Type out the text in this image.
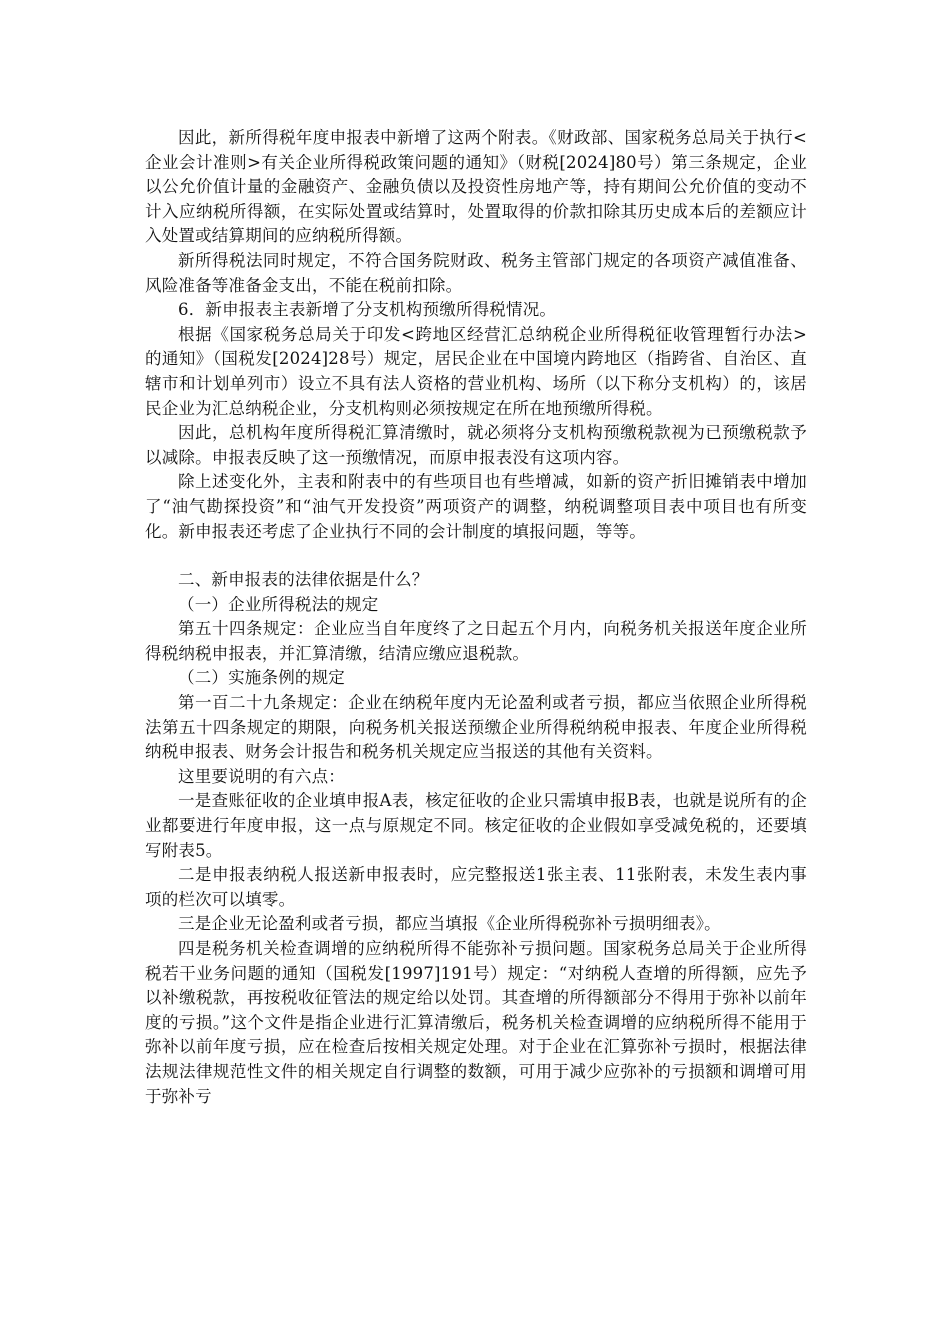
因此，新所得税年度申报表中新增了这两个附表。《财政部、国家税务总局关于执行<企业会计准则>有关企业所得税政策问题的通知》（财税[2024]80号）第三条规定，企业以公允价值计量的金融资产、金融负债以及投资性房地产等，持有期间公允价值的变动不计入应纳税所得额，在实际处置或结算时，处置取得的价款扣除其历史成本后的差额应计入处置或结算期间的应纳税所得额。

新所得税法同时规定，不符合国务院财政、税务主管部门规定的各项资产减值准备、风险准备等准备金支出，不能在税前扣除。

6．新申报表主表新增了分支机构预缴所得税情况。

根据《国家税务总局关于印发<跨地区经营汇总纳税企业所得税征收管理暂行办法>的通知》（国税发[2024]28号）规定，居民企业在中国境内跨地区（指跨省、自治区、直辖市和计划单列市）设立不具有法人资格的营业机构、场所（以下称分支机构）的，该居民企业为汇总纳税企业，分支机构则必须按规定在所在地预缴所得税。

因此，总机构年度所得税汇算清缴时，就必须将分支机构预缴税款视为已预缴税款予以减除。申报表反映了这一预缴情况，而原申报表没有这项内容。

除上述变化外，主表和附表中的有些项目也有些增减，如新的资产折旧摊销表中增加了“油气勘探投资”和“油气开发投资”两项资产的调整，纳税调整项目表中项目也有所变化。新申报表还考虑了企业执行不同的会计制度的填报问题，等等。

二、新申报表的法律依据是什么？

（一）企业所得税法的规定

第五十四条规定：企业应当自年度终了之日起五个月内，向税务机关报送年度企业所得税纳税申报表，并汇算清缴，结清应缴应退税款。

（二）实施条例的规定

第一百二十九条规定：企业在纳税年度内无论盈利或者亏损，都应当依照企业所得税法第五十四条规定的期限，向税务机关报送预缴企业所得税纳税申报表、年度企业所得税纳税申报表、财务会计报告和税务机关规定应当报送的其他有关资料。

这里要说明的有六点：

一是查账征收的企业填申报A表，核定征收的企业只需填申报B表，也就是说所有的企业都要进行年度申报，这一点与原规定不同。核定征收的企业假如享受减免税的，还要填写附表5。

二是申报表纳税人报送新申报表时，应完整报送1张主表、11张附表，未发生表内事项的栏次可以填零。

三是企业无论盈利或者亏损，都应当填报《企业所得税弥补亏损明细表》。

四是税务机关检查调增的应纳税所得不能弥补亏损问题。国家税务总局关于企业所得税若干业务问题的通知（国税发[1997]191号）规定：“对纳税人查增的所得额，应先予以补缴税款，再按税收征管法的规定给以处罚。其查增的所得额部分不得用于弥补以前年度的亏损。”这个文件是指企业进行汇算清缴后，税务机关检查调增的应纳税所得不能用于弥补以前年度亏损，应在检查后按相关规定处理。对于企业在汇算弥补亏损时，根据法律法规法律规范性文件的相关规定自行调整的数额，可用于减少应弥补的亏损额和调增可用于弥补亏
